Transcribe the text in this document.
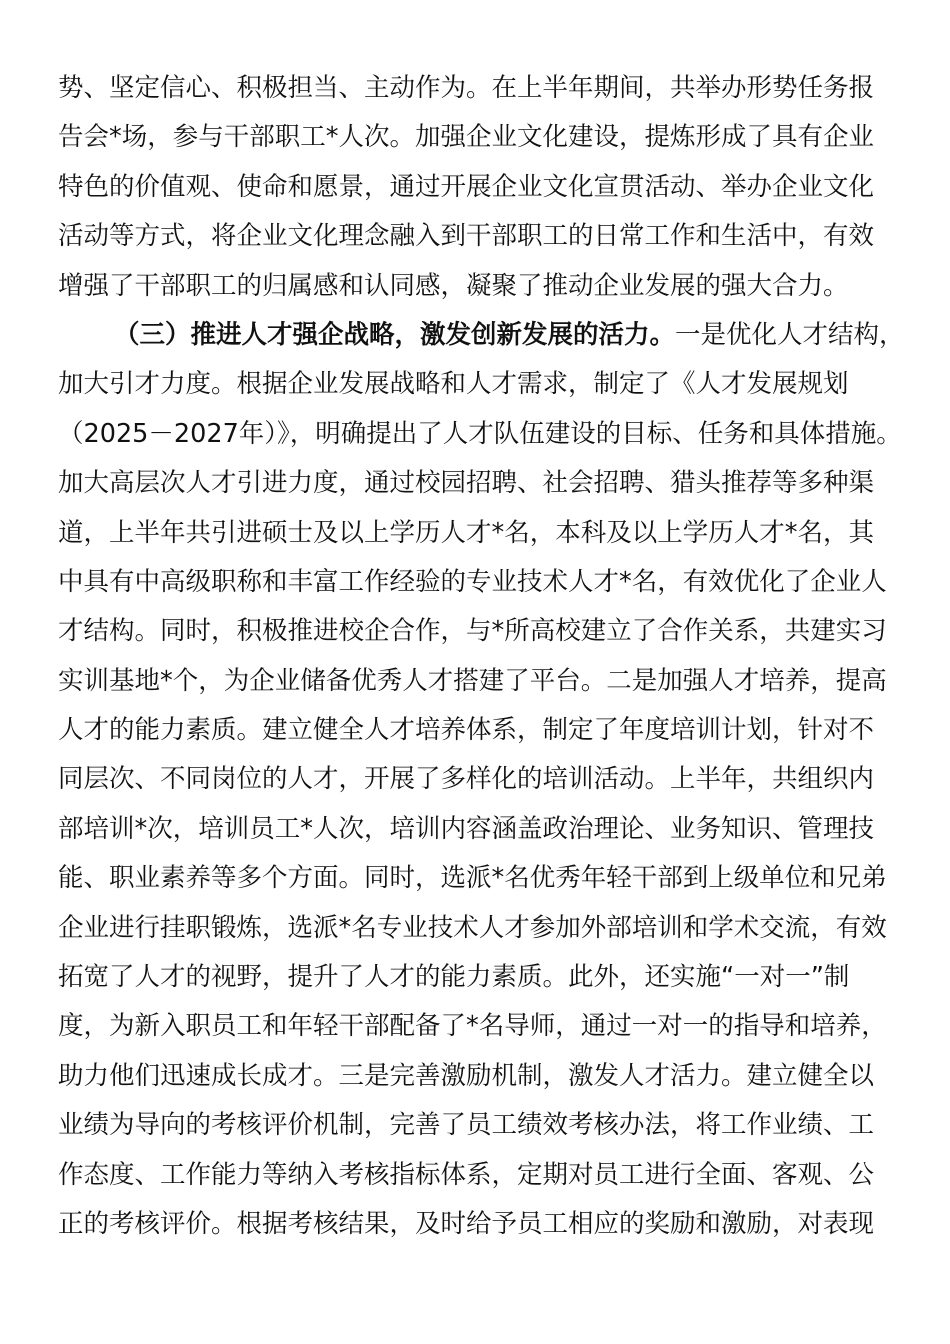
势、坚定信心、积极担当、主动作为。在上半年期间，共举办形势任务报
告会*场，参与干部职工*人次。加强企业文化建设，提炼形成了具有企业
特色的价值观、使命和愿景，通过开展企业文化宣贯活动、举办企业文化
活动等方式，将企业文化理念融入到干部职工的日常工作和生活中，有效
增强了干部职工的归属感和认同感，凝聚了推动企业发展的强大合力。
（三）推进人才强企战略，激发创新发展的活力。一是优化人才结构，
加大引才力度。根据企业发展战略和人才需求，制定了《人才发展规划
（2025－2027年）》，明确提出了人才队伍建设的目标、任务和具体措施。
加大高层次人才引进力度，通过校园招聘、社会招聘、猎头推荐等多种渠
道，上半年共引进硕士及以上学历人才*名，本科及以上学历人才*名，其
中具有中高级职称和丰富工作经验的专业技术人才*名，有效优化了企业人
才结构。同时，积极推进校企合作，与*所高校建立了合作关系，共建实习
实训基地*个，为企业储备优秀人才搭建了平台。二是加强人才培养，提高
人才的能力素质。建立健全人才培养体系，制定了年度培训计划，针对不
同层次、不同岗位的人才，开展了多样化的培训活动。上半年，共组织内
部培训*次，培训员工*人次，培训内容涵盖政治理论、业务知识、管理技
能、职业素养等多个方面。同时，选派*名优秀年轻干部到上级单位和兄弟
企业进行挂职锻炼，选派*名专业技术人才参加外部培训和学术交流，有效
拓宽了人才的视野，提升了人才的能力素质。此外，还实施“一对一”制
度，为新入职员工和年轻干部配备了*名导师，通过一对一的指导和培养，
助力他们迅速成长成才。三是完善激励机制，激发人才活力。建立健全以
业绩为导向的考核评价机制，完善了员工绩效考核办法，将工作业绩、工
作态度、工作能力等纳入考核指标体系，定期对员工进行全面、客观、公
正的考核评价。根据考核结果，及时给予员工相应的奖励和激励，对表现
